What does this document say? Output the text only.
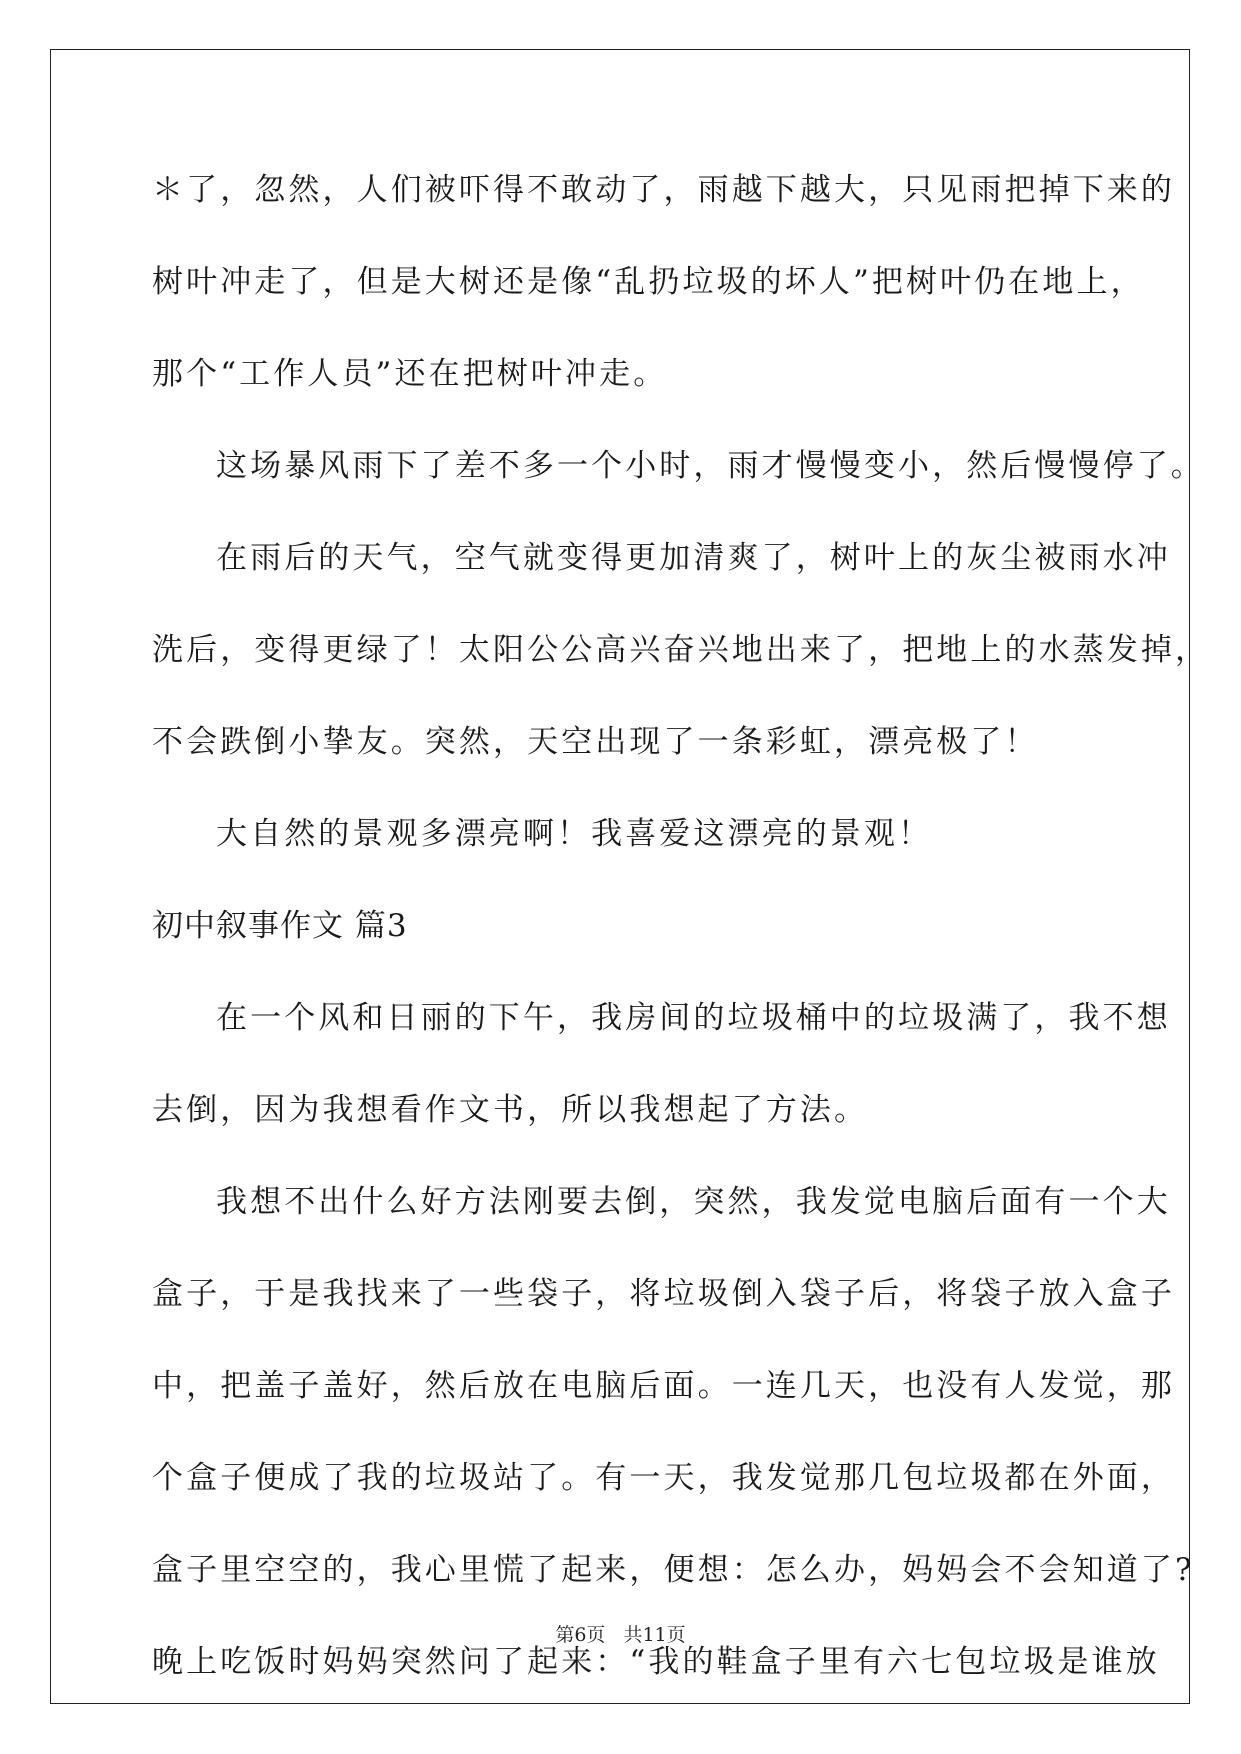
＊了，忽然，人们被吓得不敢动了，雨越下越大，只见雨把掉下来的
树叶冲走了，但是大树还是像“乱扔垃圾的坏人”把树叶仍在地上，
那个“工作人员”还在把树叶冲走。
这场暴风雨下了差不多一个小时，雨才慢慢变小，然后慢慢停了。
在雨后的天气，空气就变得更加清爽了，树叶上的灰尘被雨水冲
洗后，变得更绿了！太阳公公高兴奋兴地出来了，把地上的水蒸发掉，
不会跌倒小挚友。突然，天空出现了一条彩虹，漂亮极了！
大自然的景观多漂亮啊！我喜爱这漂亮的景观！
初中叙事作文 篇3
在一个风和日丽的下午，我房间的垃圾桶中的垃圾满了，我不想
去倒，因为我想看作文书，所以我想起了方法。
我想不出什么好方法刚要去倒，突然，我发觉电脑后面有一个大
盒子，于是我找来了一些袋子，将垃圾倒入袋子后，将袋子放入盒子
中，把盖子盖好，然后放在电脑后面。一连几天，也没有人发觉，那
个盒子便成了我的垃圾站了。有一天，我发觉那几包垃圾都在外面，
盒子里空空的，我心里慌了起来，便想：怎么办，妈妈会不会知道了?
晚上吃饭时妈妈突然问了起来：“我的鞋盒子里有六七包垃圾是谁放
第6页 共11页
